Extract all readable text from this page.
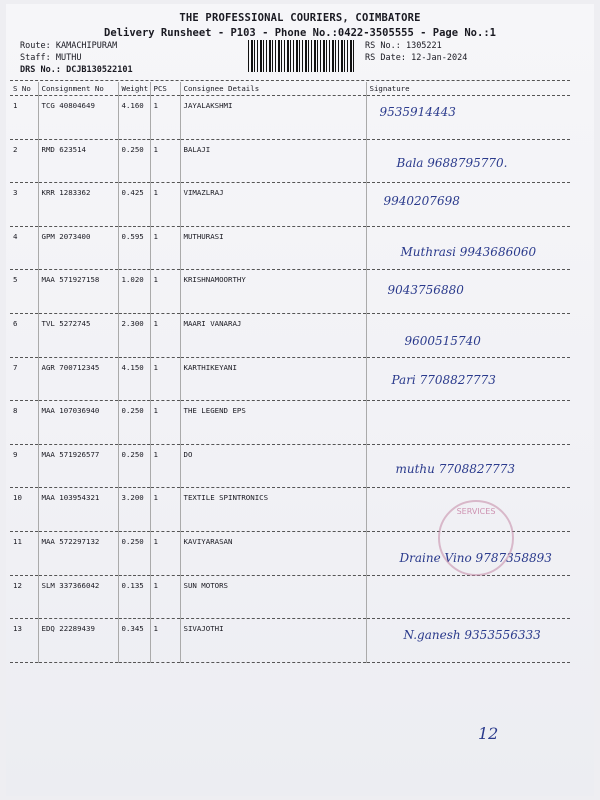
THE PROFESSIONAL COURIERS, COIMBATORE
Delivery Runsheet - P103 - Phone No.:0422-3505555 - Page No.:1
Route: KAMACHIPURAM
Staff: MUTHU
DRS No.: DCJB130522101
RS No.: 1305221
RS Date: 12-Jan-2024
S No	Consignment No	Weight	PCS	Consignee Details	Signature
1	TCG 40804649	4.160	1	JAYALAKSHMI	9535914443
2	RMD 623514	0.250	1	BALAJI	Bala 9688795770.
3	KRR 1283362	0.425	1	VIMAZLRAJ	9940207698
4	GPM 2073400	0.595	1	MUTHURASI	Muthrasi 9943686060
5	MAA 571927158	1.020	1	KRISHNAMOORTHY	9043756880
6	TVL 5272745	2.300	1	MAARI VANARAJ	9600515740
7	AGR 700712345	4.150	1	KARTHIKEYANI	Pari 7708827773
8	MAA 107036940	0.250	1	THE LEGEND EPS	
9	MAA 571926577	0.250	1	DO	muthu 7708827773
10	MAA 103954321	3.200	1	TEXTILE SPINTRONICS	
11	MAA 572297132	0.250	1	KAVIYARASAN	Draine Vino 9787358893
12	SLM 337366042	0.135	1	SUN MOTORS	
13	EDQ 22289439	0.345	1	SIVAJOTHI	N.ganesh 9353556333
SERVICES
12
